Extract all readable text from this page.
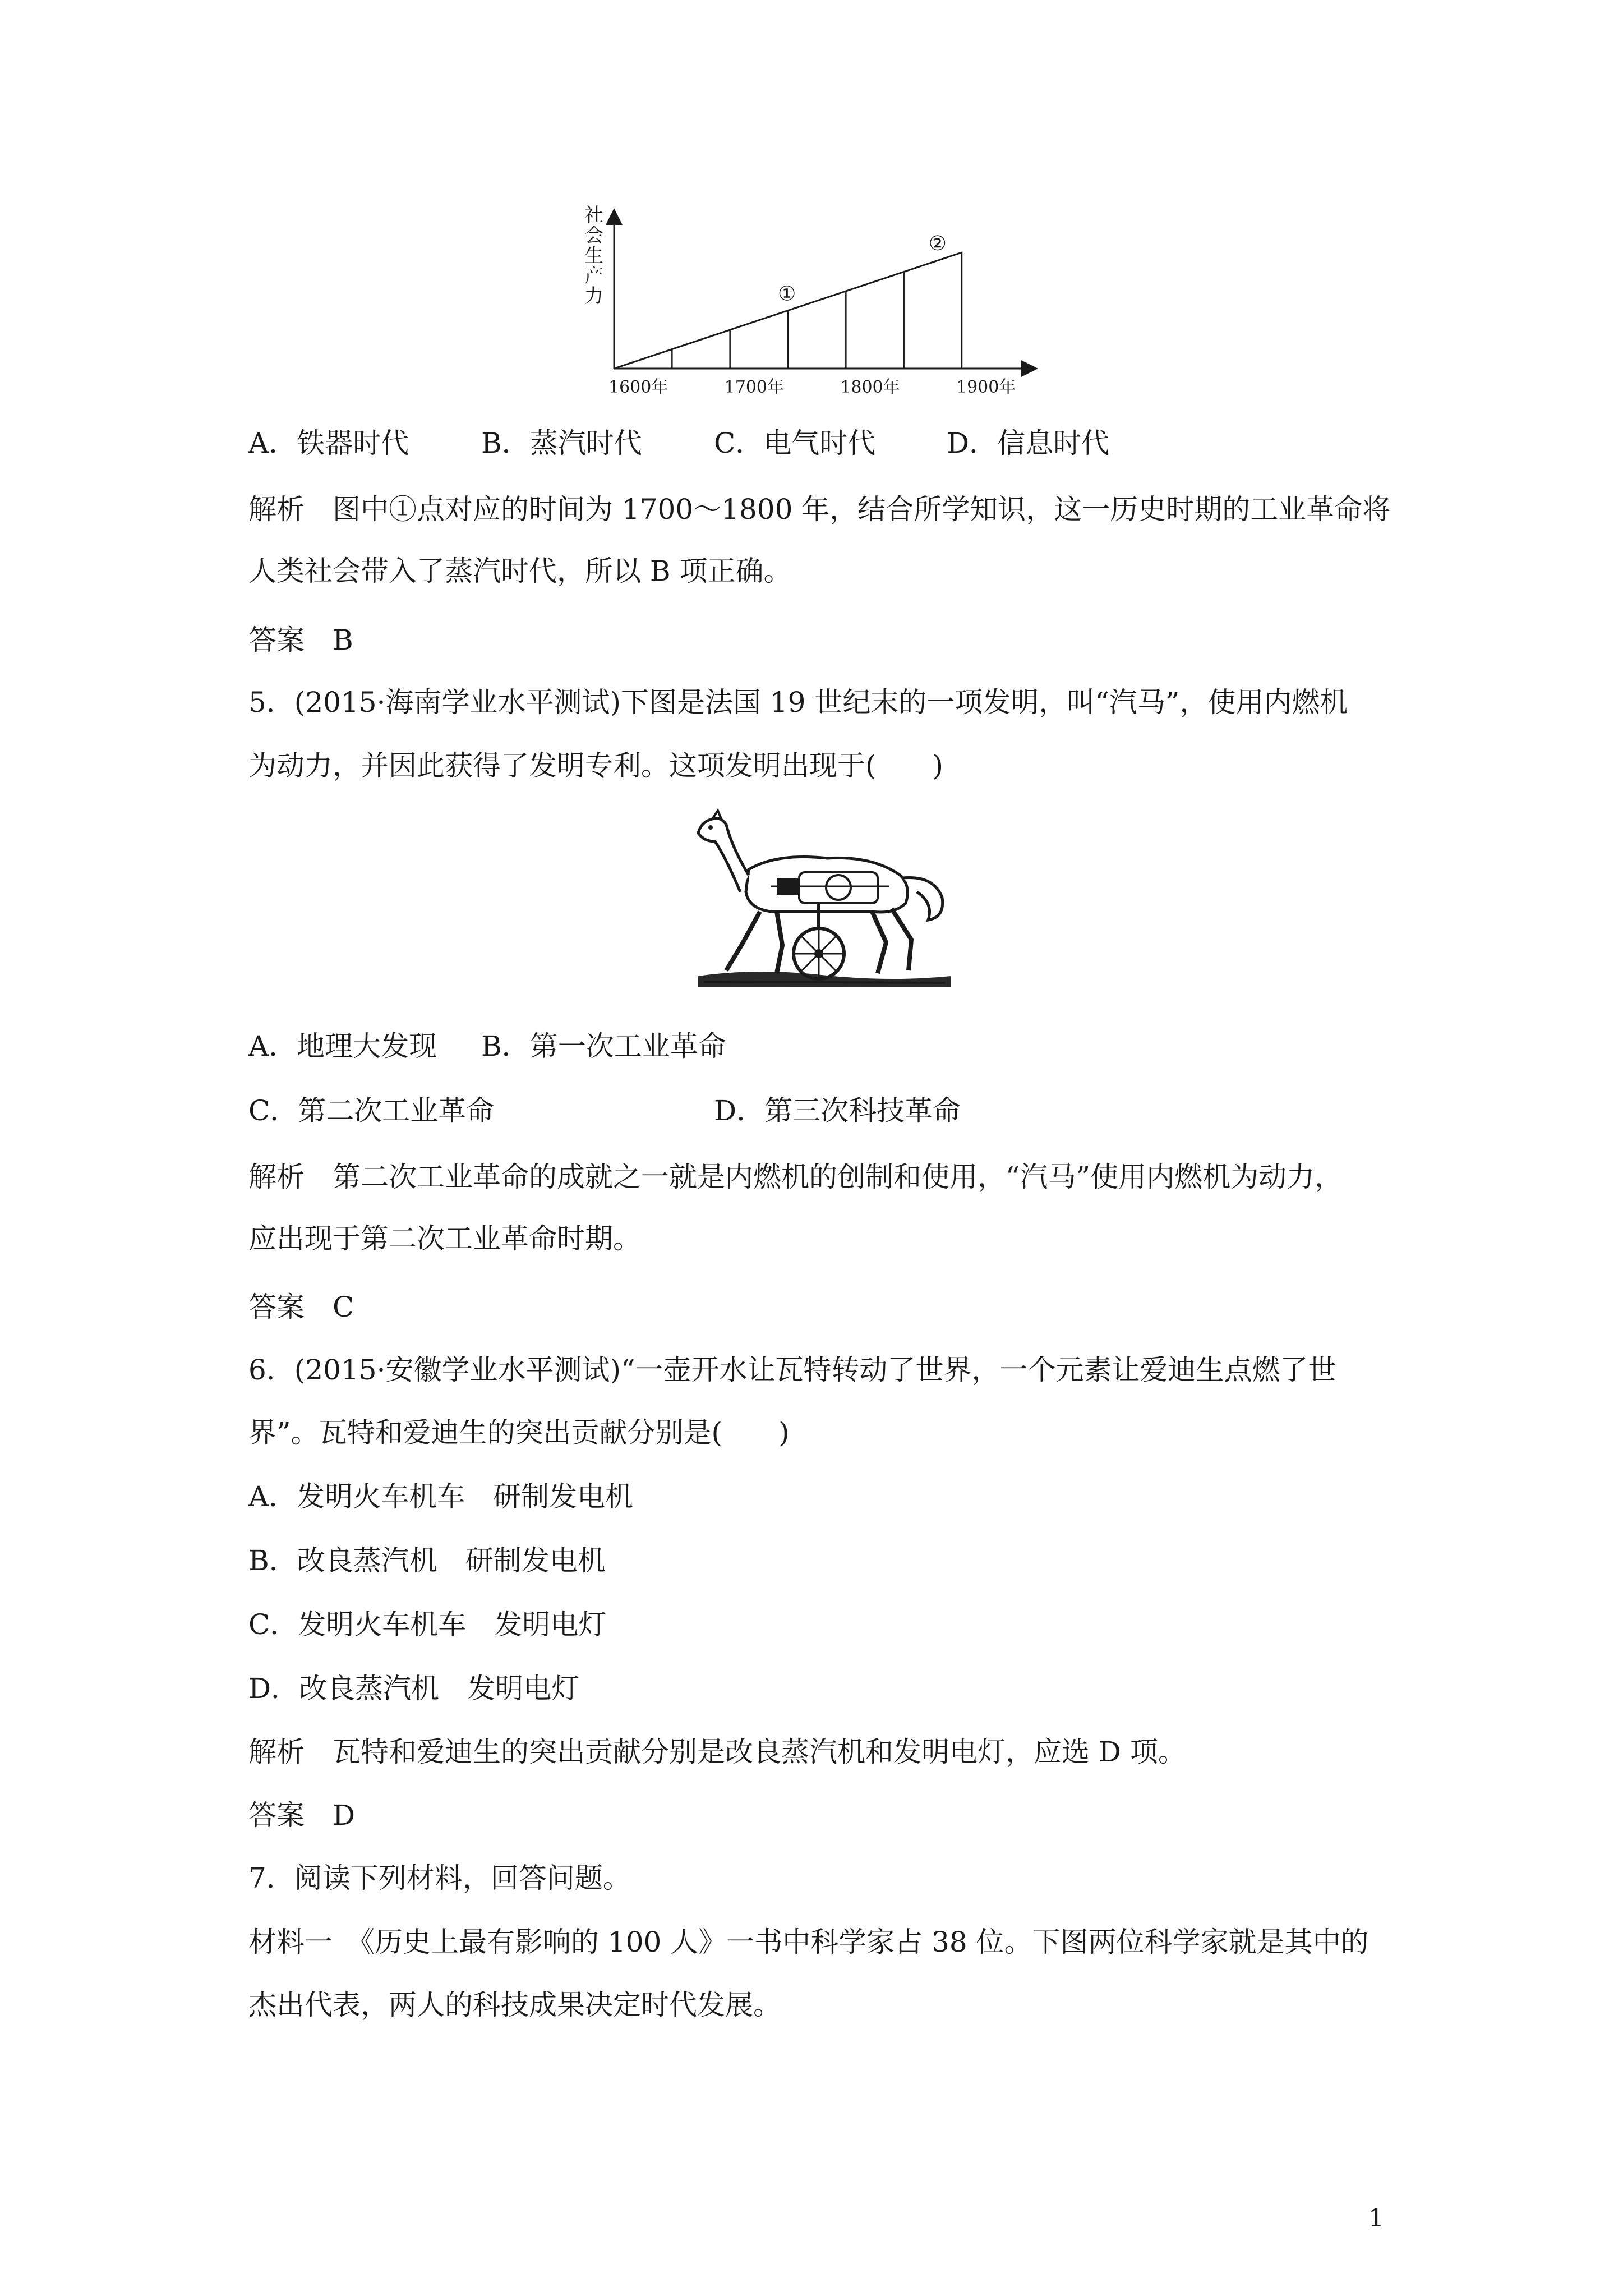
社
会
生
产
力	①
②
1600年	1700年	1800年	1900年
A．铁器时代	B．蒸汽时代	C．电气时代	D．信息时代
解析　图中①点对应的时间为 1700～1800 年，结合所学知识，这一历史时期的工业革命将
人类社会带入了蒸汽时代，所以 B 项正确。
答案　B
5．(2015·海南学业水平测试)下图是法国 19 世纪末的一项发明，叫“汽马”，使用内燃机
为动力，并因此获得了发明专利。这项发明出现于(　　)
A．地理大发现 B．第一次工业革命
C．第二次工业革命	D．第三次科技革命
解析　第二次工业革命的成就之一就是内燃机的创制和使用，“汽马”使用内燃机为动力，
应出现于第二次工业革命时期。
答案　C
6．(2015·安徽学业水平测试)“一壶开水让瓦特转动了世界，一个元素让爱迪生点燃了世
界”。瓦特和爱迪生的突出贡献分别是(　　)
A．发明火车机车　研制发电机
B．改良蒸汽机　研制发电机
C．发明火车机车　发明电灯
D．改良蒸汽机　发明电灯
解析　瓦特和爱迪生的突出贡献分别是改良蒸汽机和发明电灯，应选 D 项。
答案　D
7．阅读下列材料，回答问题。
材料一　《历史上最有影响的 100 人》一书中科学家占 38 位。下图两位科学家就是其中的
杰出代表，两人的科技成果决定时代发展。
1
